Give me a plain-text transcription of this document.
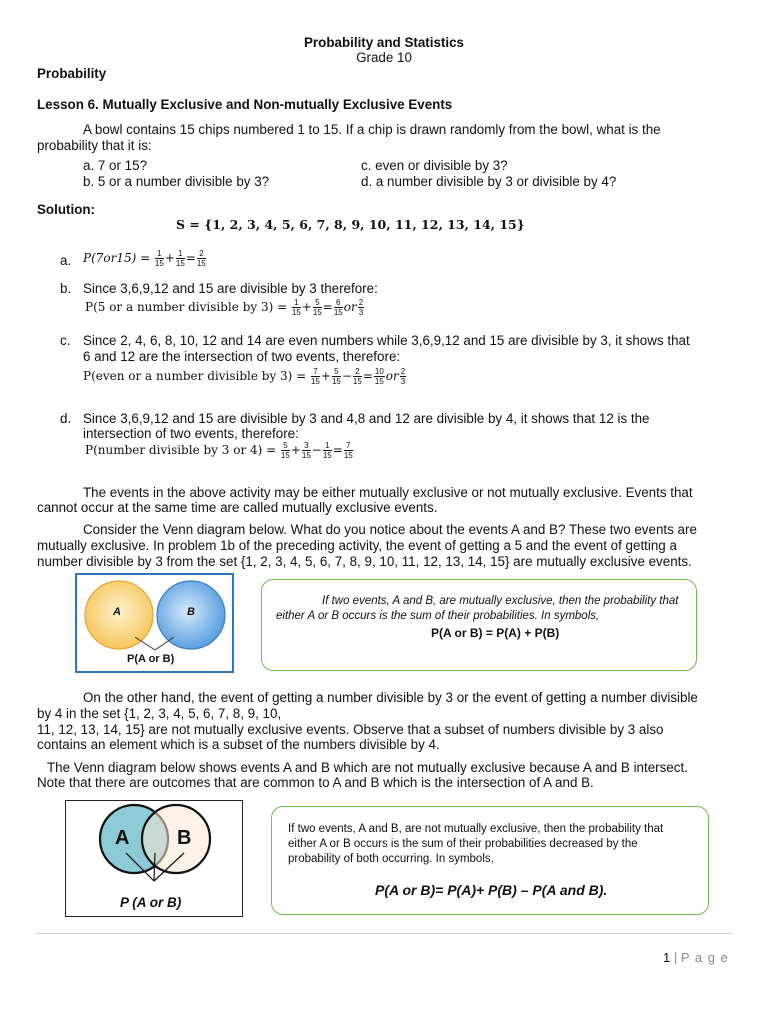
Probability and Statistics
Grade 10
Probability
Lesson 6. Mutually Exclusive and Non-mutually Exclusive Events
A bowl contains 15 chips numbered 1 to 15. If a chip is drawn randomly from the bowl, what is the
probability that it is:
a. 7 or 15?
b. 5 or a number divisible by 3?
c. even or divisible by 3?
d. a number divisible by 3 or divisible by 4?
Solution:
S = {1, 2, 3, 4, 5, 6, 7, 8, 9, 10, 11, 12, 13, 14, 15}
a. $P(7or15) = \frac{1}{15} + \frac{1}{15} = \frac{2}{15}$
b. Since 3,6,9,12 and 15 are divisible by 3 therefore:
P(5 or a number divisible by $3) = \frac{1}{15} + \frac{5}{15} = \frac{6}{15}$ or $\frac{2}{3}$
c. Since 2, 4, 6, 8, 10, 12 and 14 are even numbers while 3,6,9,12 and 15 are divisible by 3, it shows that
6 and 12 are the intersection of two events, therefore:
P(even or a number divisible by $3) = \frac{7}{15} + \frac{5}{15} - \frac{2}{15} = \frac{10}{15}$ or $\frac{2}{3}$
d. Since 3,6,9,12 and 15 are divisible by 3 and 4,8 and 12 are divisible by 4, it shows that 12 is the
intersection of two events, therefore:
P(number divisible by 3 or $4) = \frac{5}{15} + \frac{3}{15} - \frac{1}{15} = \frac{7}{15}$
The events in the above activity may be either mutually exclusive or not mutually exclusive. Events that
cannot occur at the same time are called mutually exclusive events.
Consider the Venn diagram below. What do you notice about the events A and B? These two events are
mutually exclusive. In problem 1b of the preceding activity, the event of getting a 5 and the event of getting a
number divisible by 3 from the set {1, 2, 3, 4, 5, 6, 7, 8, 9, 10, 11, 12, 13, 14, 15} are mutually exclusive events.
A	B
P(A or B)
If two events, A and B, are mutually exclusive, then the probability that
either A or B occurs is the sum of their probabilities. In symbols,
P(A or B) = P(A) + P(B)
On the other hand, the event of getting a number divisible by 3 or the event of getting a number divisible
by 4 in the set {1, 2, 3, 4, 5, 6, 7, 8, 9, 10,
11, 12, 13, 14, 15} are not mutually exclusive events. Observe that a subset of numbers divisible by 3 also
contains an element which is a subset of the numbers divisible by 4.
The Venn diagram below shows events A and B which are not mutually exclusive because A and B intersect.
Note that there are outcomes that are common to A and B which is the intersection of A and B.
A B
P (A or B)
If two events, A and B, are not mutually exclusive, then the probability that
either A or B occurs is the sum of their probabilities decreased by the
probability of both occurring. In symbols,
P(A or B)= P(A)+ P(B) – P(A and B).
1 | P a g e
